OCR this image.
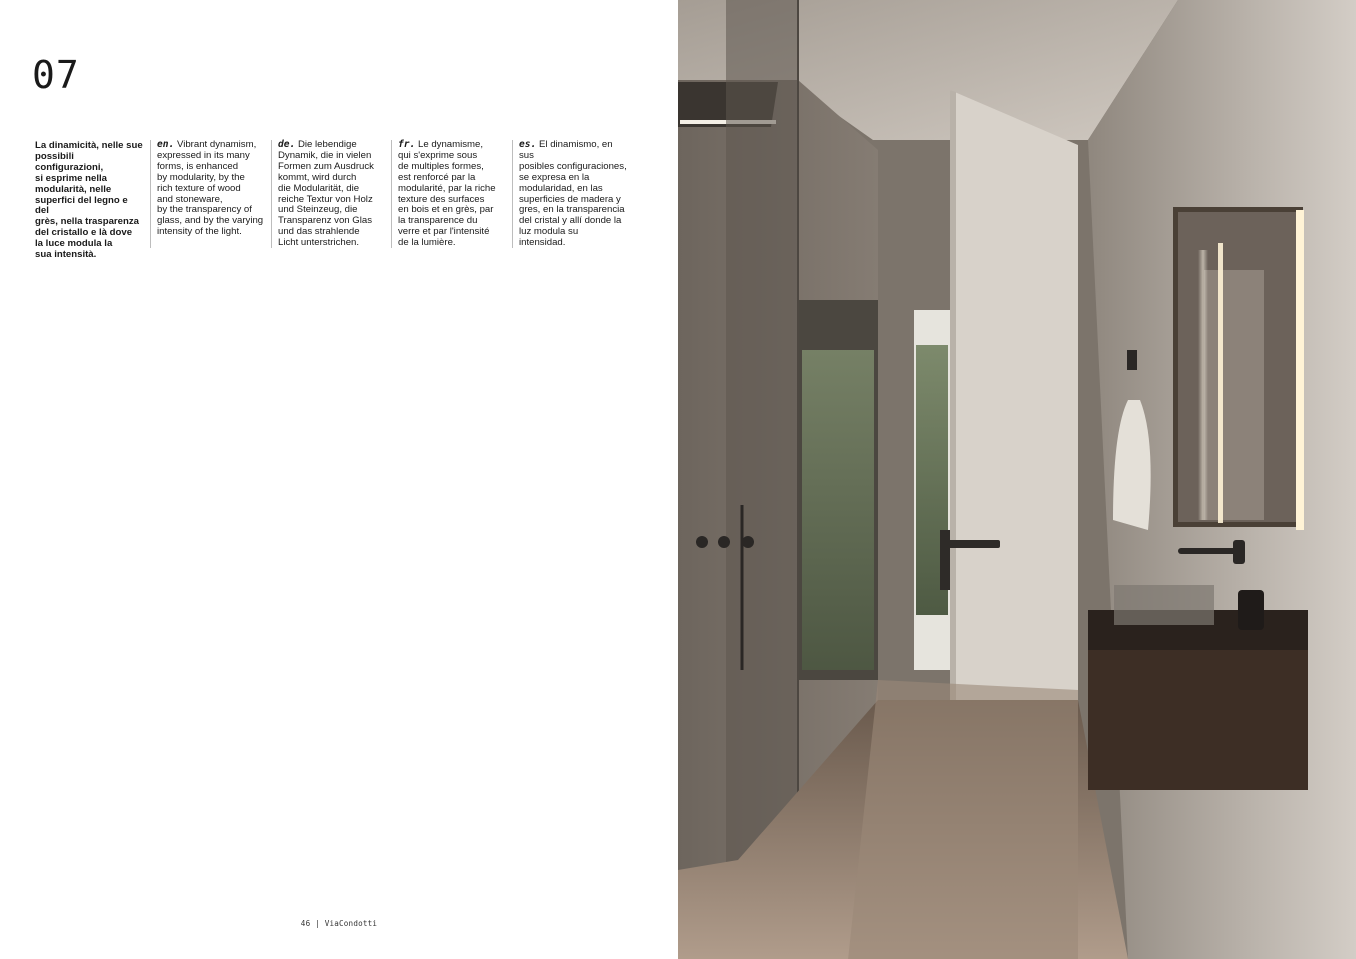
07
La dinamicità, nelle sue
possibili configurazioni,
si esprime nella
modularità, nelle
superfici del legno e del
grès, nella trasparenza
del cristallo e là dove
la luce modula la
sua intensità.
en. Vibrant dynamism,
expressed in its many
forms, is enhanced
by modularity, by the
rich texture of wood
and stoneware,
by the transparency of
glass, and by the varying
intensity of the light.
de. Die lebendige
Dynamik, die in vielen
Formen zum Ausdruck
kommt, wird durch
die Modularität, die
reiche Textur von Holz
und Steinzeug, die
Transparenz von Glas
und das strahlende
Licht unterstrichen.
fr. Le dynamisme,
qui s'exprime sous
de multiples formes,
est renforcé par la
modularité, par la riche
texture des surfaces
en bois et en grès, par
la transparence du
verre et par l'intensité
de la lumière.
es. El dinamismo, en sus
posibles configuraciones,
se expresa en la
modularidad, en las
superficies de madera y
gres, en la transparencia
del cristal y allí donde la
luz modula su intensidad.
46 | ViaCondotti
